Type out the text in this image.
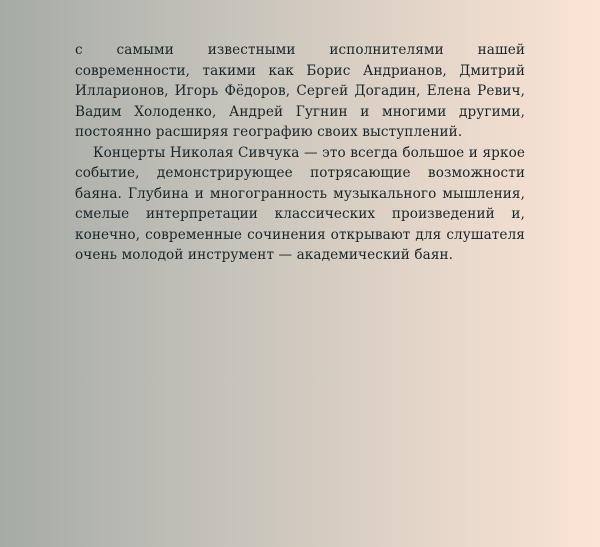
с самыми известными исполнителями нашей современности, такими как Борис Андрианов, Дмитрий Илларионов, Игорь Фёдоров, Сергей Догадин, Елена Ревич, Вадим Холоденко, Андрей Гугнин и многими другими, постоянно расширяя географию своих выступлений.

Концерты Николая Сивчука — это всегда большое и яркое событие, демонстрирующее потрясающие возможности баяна. Глубина и многогранность музыкального мышления, смелые интерпретации классических произведений и, конечно, современные сочинения открывают для слушателя очень молодой инструмент — академический баян.
